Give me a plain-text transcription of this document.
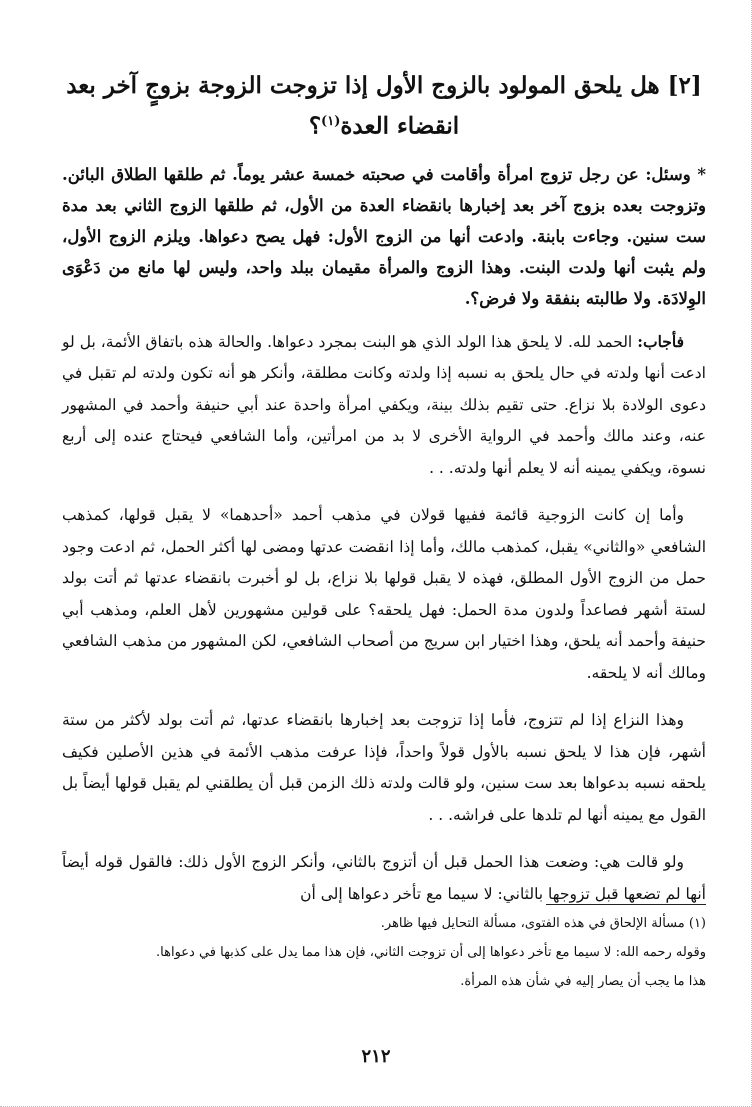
[٢] هل يلحق المولود بالزوج الأول إذا تزوجت الزوجة بزوجٍ آخر بعد انقضاء العدة$^{(١)}$؟

* وسئل: عن رجل تزوج امرأة وأقامت في صحبته خمسة عشر يوماً. ثم طلقها الطلاق البائن. وتزوجت بعده بزوج آخر بعد إخبارها بانقضاء العدة من الأول، ثم طلقها الزوج الثاني بعد مدة ست سنين. وجاءت بابنة. وادعت أنها من الزوج الأول: فهل يصح دعواها. ويلزم الزوج الأول، ولم يثبت أنها ولدت البنت. وهذا الزوج والمرأة مقيمان ببلد واحد، وليس لها مانع من دَعْوَى الوِلادَة. ولا طالبته بنفقة ولا فرض؟.

فأجاب: الحمد لله. لا يلحق هذا الولد الذي هو البنت بمجرد دعواها. والحالة هذه باتفاق الأئمة، بل لو ادعت أنها ولدته في حال يلحق به نسبه إذا ولدته وكانت مطلقة، وأنكر هو أنه تكون ولدته لم تقبل في دعوى الولادة بلا نزاع. حتى تقيم بذلك بينة، ويكفي امرأة واحدة عند أبي حنيفة وأحمد في المشهور عنه، وعند مالك وأحمد في الرواية الأخرى لا بد من امرأتين، وأما الشافعي فيحتاج عنده إلى أربع نسوة، ويكفي يمينه أنه لا يعلم أنها ولدته. . .

وأما إن كانت الزوجية قائمة ففيها قولان في مذهب أحمد «أحدهما» لا يقبل قولها، كمذهب الشافعي «والثاني» يقبل، كمذهب مالك، وأما إذا انقضت عدتها ومضى لها أكثر الحمل، ثم ادعت وجود حمل من الزوج الأول المطلق، فهذه لا يقبل قولها بلا نزاع، بل لو أخبرت بانقضاء عدتها ثم أتت بولد لستة أشهر فصاعداً ولدون مدة الحمل: فهل يلحقه؟ على قولين مشهورين لأهل العلم، ومذهب أبي حنيفة وأحمد أنه يلحق، وهذا اختيار ابن سريج من أصحاب الشافعي، لكن المشهور من مذهب الشافعي ومالك أنه لا يلحقه.

وهذا النزاع إذا لم تتزوج، فأما إذا تزوجت بعد إخبارها بانقضاء عدتها، ثم أتت بولد لأكثر من ستة أشهر، فإن هذا لا يلحق نسبه بالأول قولاً واحداً، فإذا عرفت مذهب الأئمة في هذين الأصلين فكيف يلحقه نسبه بدعواها بعد ست سنين، ولو قالت ولدته ذلك الزمن قبل أن يطلقني لم يقبل قولها أيضاً بل القول مع يمينه أنها لم تلدها على فراشه. . .

ولو قالت هي: وضعت هذا الحمل قبل أن أتزوج بالثاني، وأنكر الزوج الأول ذلك: فالقول قوله أيضاً أنها لم تضعها قبل تزوجها بالثاني: لا سيما مع تأخر دعواها إلى أن

(١) مسألة الإلحاق في هذه الفتوى، مسألة التحايل فيها ظاهر.

وقوله رحمه الله: لا سيما مع تأخر دعواها إلى أن تزوجت الثاني، فإن هذا مما يدل على كذبها في دعواها.

هذا ما يجب أن يصار إليه في شأن هذه المرأة.

٢١٢
